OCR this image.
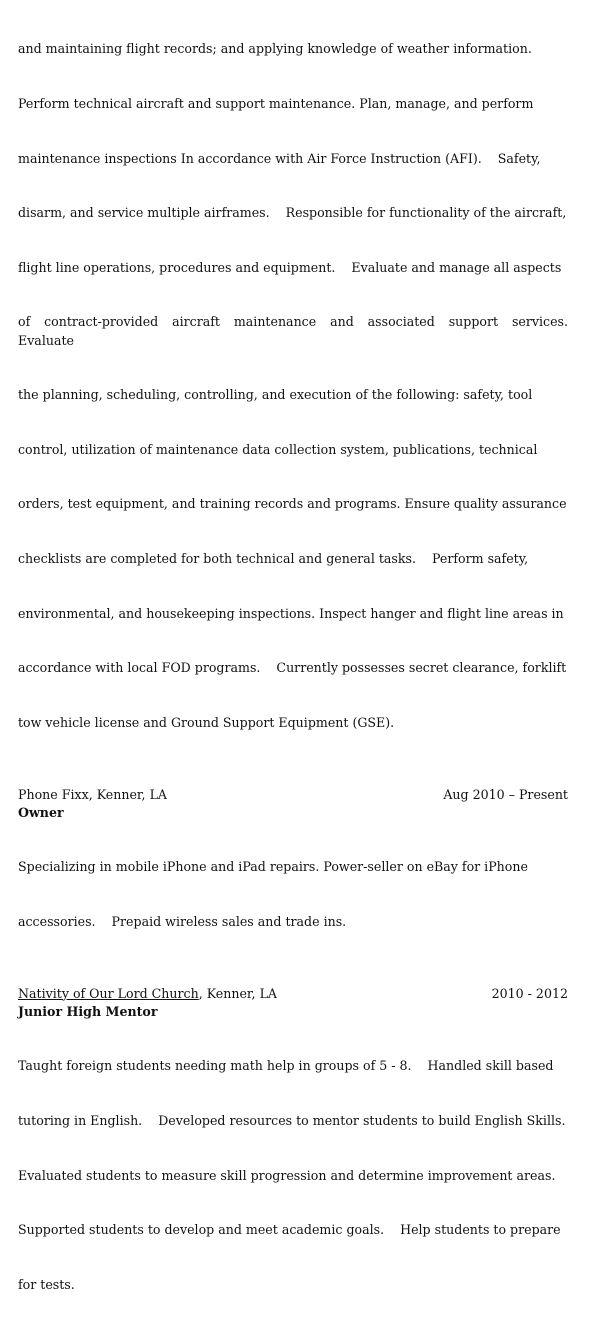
and maintaining flight records; and applying knowledge of weather information.

Perform technical aircraft and support maintenance. Plan, manage, and perform

maintenance inspections In accordance with Air Force Instruction (AFI).    Safety,

disarm, and service multiple airframes.    Responsible for functionality of the aircraft,

flight line operations, procedures and equipment.    Evaluate and manage all aspects

of contract-provided aircraft maintenance and associated support services.    Evaluate

the planning, scheduling, controlling, and execution of the following: safety, tool

control, utilization of maintenance data collection system, publications, technical

orders, test equipment, and training records and programs. Ensure quality assurance

checklists are completed for both technical and general tasks.    Perform safety,

environmental, and housekeeping inspections. Inspect hanger and flight line areas in

accordance with local FOD programs.    Currently possesses secret clearance, forklift

tow vehicle license and Ground Support Equipment (GSE).

Phone Fixx, Kenner, LA	Aug 2010 – Present
Owner

Specializing in mobile iPhone and iPad repairs. Power-seller on eBay for iPhone

accessories.    Prepaid wireless sales and trade ins.

Nativity of Our Lord Church, Kenner, LA	2010 - 2012
Junior High Mentor

Taught foreign students needing math help in groups of 5 - 8.    Handled skill based

tutoring in English.    Developed resources to mentor students to build English Skills.

Evaluated students to measure skill progression and determine improvement areas.

Supported students to develop and meet academic goals.    Help students to prepare

for tests.
